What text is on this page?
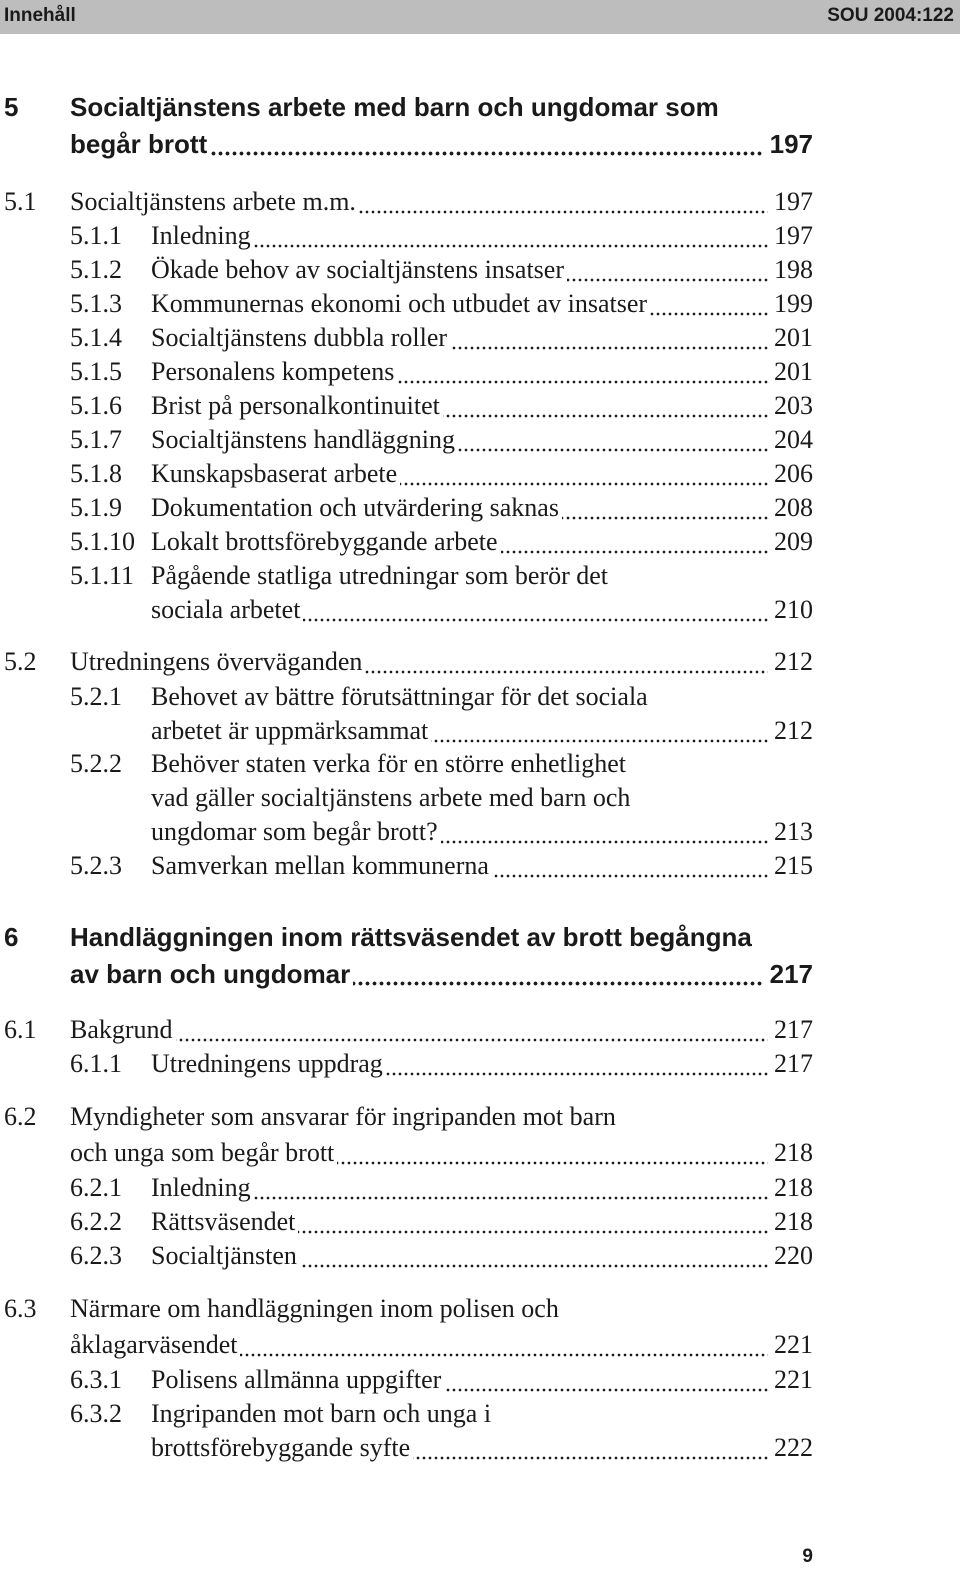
Innehåll	SOU 2004:122
5 Socialtjänstens arbete med barn och ungdomar som
begår brott	197
5.1 Socialtjänstens arbete m.m.	197
5.1.1 Inledning	197
5.1.2 Ökade behov av socialtjänstens insatser	198
5.1.3 Kommunernas ekonomi och utbudet av insatser	199
5.1.4 Socialtjänstens dubbla roller	201
5.1.5 Personalens kompetens	201
5.1.6 Brist på personalkontinuitet	203
5.1.7 Socialtjänstens handläggning	204
5.1.8 Kunskapsbaserat arbete	206
5.1.9 Dokumentation och utvärdering saknas	208
5.1.10 Lokalt brottsförebyggande arbete	209
5.1.11 Pågående statliga utredningar som berör det
sociala arbetet	210
5.2 Utredningens överväganden	212
5.2.1 Behovet av bättre förutsättningar för det sociala
arbetet är uppmärksammat	212
5.2.2 Behöver staten verka för en större enhetlighet
vad gäller socialtjänstens arbete med barn och
ungdomar som begår brott?	213
5.2.3 Samverkan mellan kommunerna	215
6 Handläggningen inom rättsväsendet av brott begångna
av barn och ungdomar	217
6.1 Bakgrund	217
6.1.1 Utredningens uppdrag	217
6.2 Myndigheter som ansvarar för ingripanden mot barn
och unga som begår brott	218
6.2.1 Inledning	218
6.2.2 Rättsväsendet	218
6.2.3 Socialtjänsten	220
6.3 Närmare om handläggningen inom polisen och
åklagarväsendet	221
6.3.1 Polisens allmänna uppgifter	221
6.3.2 Ingripanden mot barn och unga i
brottsförebyggande syfte	222
9
